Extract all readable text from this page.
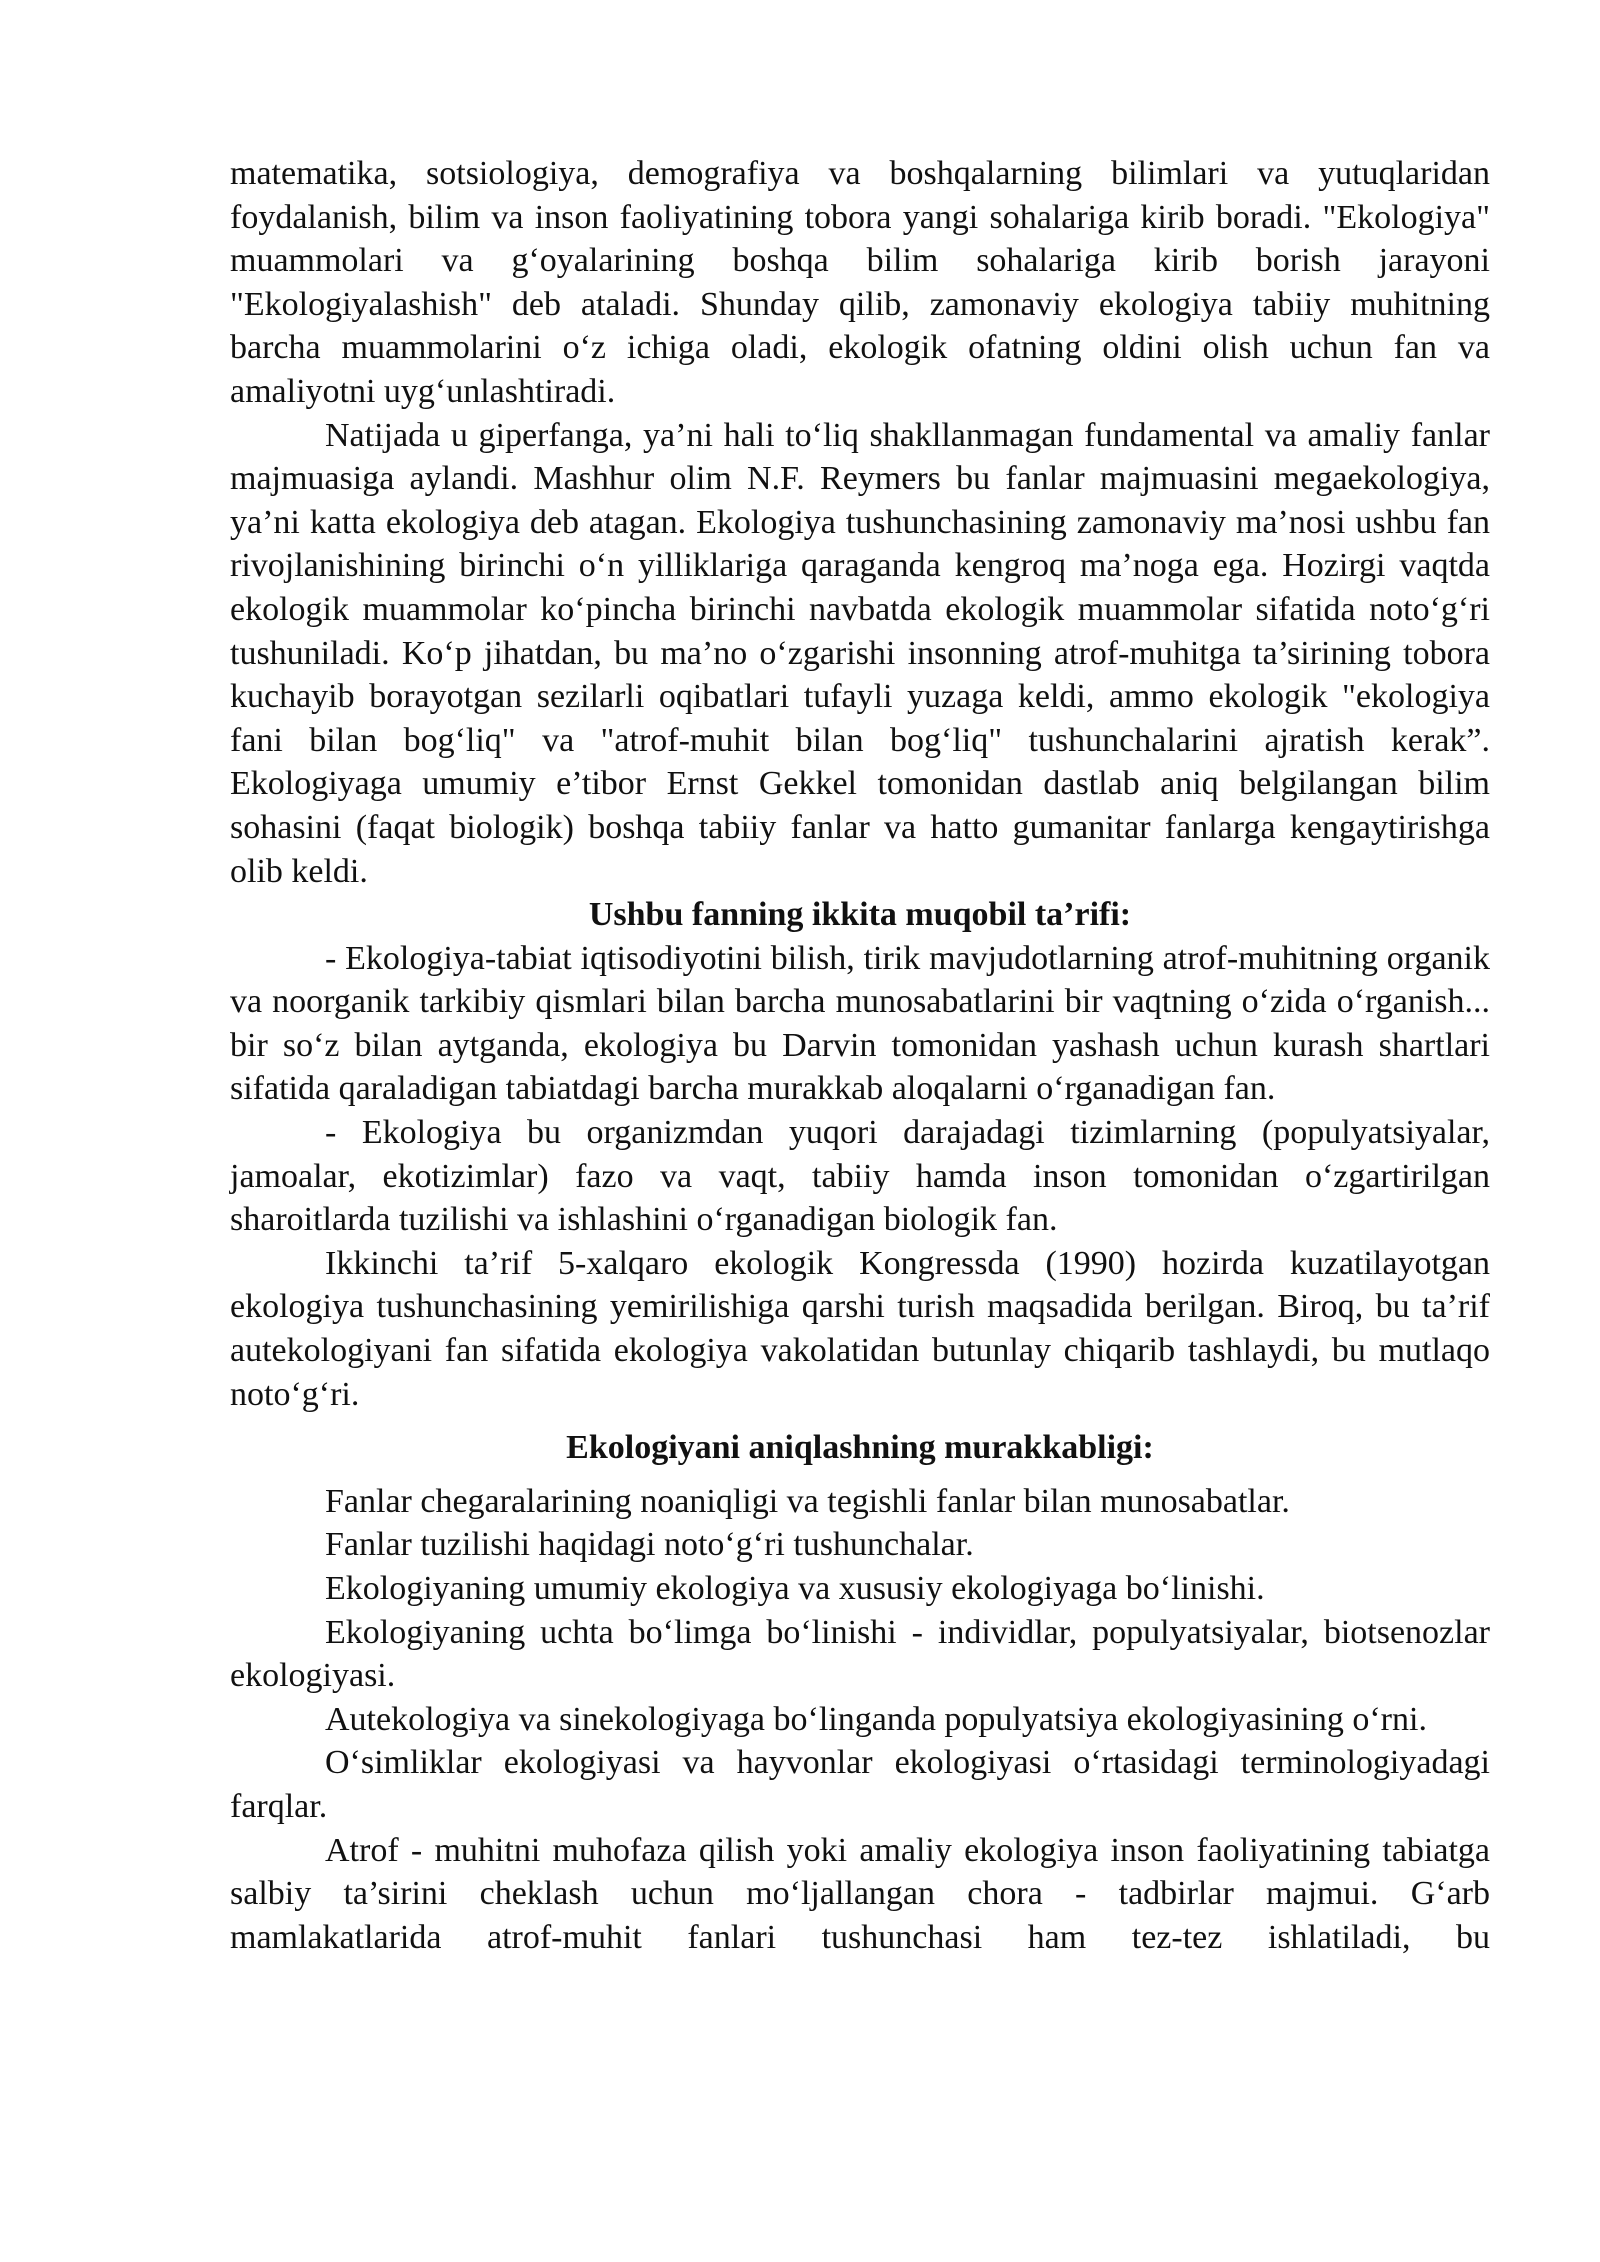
matematika, sotsiologiya, demografiya va boshqalarning bilimlari va yutuqlaridan foydalanish, bilim va inson faoliyatining tobora yangi sohalariga kirib boradi. "Ekologiya" muammolari va g‘oyalarining boshqa bilim sohalariga kirib borish jarayoni "Ekologiyalashish" deb ataladi. Shunday qilib, zamonaviy ekologiya tabiiy muhitning barcha muammolarini o‘z ichiga oladi, ekologik ofatning oldini olish uchun fan va amaliyotni uyg‘unlashtiradi.

Natijada u giperfanga, ya’ni hali to‘liq shakllanmagan fundamental va amaliy fanlar majmuasiga aylandi. Mashhur olim N.F. Reymers bu fanlar majmuasini megaekologiya, ya’ni katta ekologiya deb atagan. Ekologiya tushunchasining zamonaviy ma’nosi ushbu fan rivojlanishining birinchi o‘n yilliklariga qaraganda kengroq ma’noga ega. Hozirgi vaqtda ekologik muammolar ko‘pincha birinchi navbatda ekologik muammolar sifatida noto‘g‘ri tushuniladi. Ko‘p jihatdan, bu ma’no o‘zgarishi insonning atrof-muhitga ta’sirining tobora kuchayib borayotgan sezilarli oqibatlari tufayli yuzaga keldi, ammo ekologik "ekologiya fani bilan bog‘liq" va "atrof-muhit bilan bog‘liq" tushunchalarini ajratish kerak”. Ekologiyaga umumiy e’tibor Ernst Gekkel tomonidan dastlab aniq belgilangan bilim sohasini (faqat biologik) boshqa tabiiy fanlar va hatto gumanitar fanlarga kengaytirishga olib keldi.

Ushbu fanning ikkita muqobil ta’rifi:

- Ekologiya-tabiat iqtisodiyotini bilish, tirik mavjudotlarning atrof-muhitning organik va noorganik tarkibiy qismlari bilan barcha munosabatlarini bir vaqtning o‘zida o‘rganish... bir so‘z bilan aytganda, ekologiya bu Darvin tomonidan yashash uchun kurash shartlari sifatida qaraladigan tabiatdagi barcha murakkab aloqalarni o‘rganadigan fan.

- Ekologiya bu organizmdan yuqori darajadagi tizimlarning (populyatsiyalar, jamoalar, ekotizimlar) fazo va vaqt, tabiiy hamda inson tomonidan o‘zgartirilgan sharoitlarda tuzilishi va ishlashini o‘rganadigan biologik fan.

Ikkinchi ta’rif 5-xalqaro ekologik Kongressda (1990) hozirda kuzatilayotgan ekologiya tushunchasining yemirilishiga qarshi turish maqsadida berilgan. Biroq, bu ta’rif autekologiyani fan sifatida ekologiya vakolatidan butunlay chiqarib tashlaydi, bu mutlaqo noto‘g‘ri.

Ekologiyani aniqlashning murakkabligi:

Fanlar chegaralarining noaniqligi va tegishli fanlar bilan munosabatlar.

Fanlar tuzilishi haqidagi noto‘g‘ri tushunchalar.

Ekologiyaning umumiy ekologiya va xususiy ekologiyaga bo‘linishi.

Ekologiyaning uchta bo‘limga bo‘linishi - individlar, populyatsiyalar, biotsenozlar ekologiyasi.

Autekologiya va sinekologiyaga bo‘linganda populyatsiya ekologiyasining o‘rni.

O‘simliklar ekologiyasi va hayvonlar ekologiyasi o‘rtasidagi terminologiyadagi farqlar.

Atrof - muhitni muhofaza qilish yoki amaliy ekologiya inson faoliyatining tabiatga salbiy ta’sirini cheklash uchun mo‘ljallangan chora - tadbirlar majmui. G‘arb mamlakatlarida atrof-muhit fanlari tushunchasi ham tez-tez ishlatiladi, bu
